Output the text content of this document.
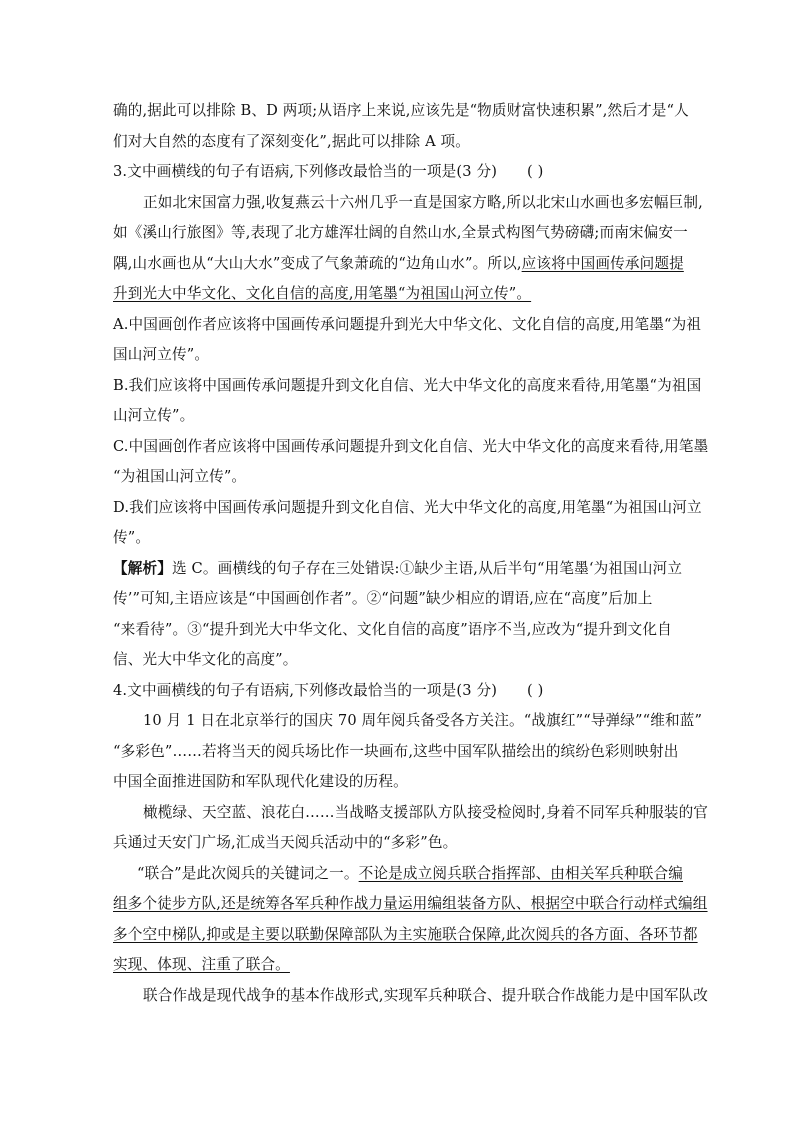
确的,据此可以排除 B、D 两项;从语序上来说,应该先是“物质财富快速积累”,然后才是“人
们对大自然的态度有了深刻变化”,据此可以排除 A 项。
3.文中画横线的句子有语病,下列修改最恰当的一项是(3 分) ( )
正如北宋国富力强,收复燕云十六州几乎一直是国家方略,所以北宋山水画也多宏幅巨制,
如《溪山行旅图》等,表现了北方雄浑壮阔的自然山水,全景式构图气势磅礴;而南宋偏安一
隅,山水画也从“大山大水”变成了气象萧疏的“边角山水”。所以,应该将中国画传承问题提
升到光大中华文化、文化自信的高度,用笔墨“为祖国山河立传”。
A.中国画创作者应该将中国画传承问题提升到光大中华文化、文化自信的高度,用笔墨“为祖
国山河立传”。
B.我们应该将中国画传承问题提升到文化自信、光大中华文化的高度来看待,用笔墨“为祖国
山河立传”。
C.中国画创作者应该将中国画传承问题提升到文化自信、光大中华文化的高度来看待,用笔墨
“为祖国山河立传”。
D.我们应该将中国画传承问题提升到文化自信、光大中华文化的高度,用笔墨“为祖国山河立
传”。
【解析】选 C。画横线的句子存在三处错误:①缺少主语,从后半句“用笔墨‘为祖国山河立
传’”可知,主语应该是“中国画创作者”。②“问题”缺少相应的谓语,应在“高度”后加上
“来看待”。③“提升到光大中华文化、文化自信的高度”语序不当,应改为“提升到文化自
信、光大中华文化的高度”。
4.文中画横线的句子有语病,下列修改最恰当的一项是(3 分) ( )
10 月 1 日在北京举行的国庆 70 周年阅兵备受各方关注。“战旗红”“导弹绿”“维和蓝”
“多彩色”……若将当天的阅兵场比作一块画布,这些中国军队描绘出的缤纷色彩则映射出
中国全面推进国防和军队现代化建设的历程。
橄榄绿、天空蓝、浪花白……当战略支援部队方队接受检阅时,身着不同军兵种服装的官
兵通过天安门广场,汇成当天阅兵活动中的“多彩”色。
“联合”是此次阅兵的关键词之一。不论是成立阅兵联合指挥部、由相关军兵种联合编
组多个徒步方队,还是统筹各军兵种作战力量运用编组装备方队、根据空中联合行动样式编组
多个空中梯队,抑或是主要以联勤保障部队为主实施联合保障,此次阅兵的各方面、各环节都
实现、体现、注重了联合。
联合作战是现代战争的基本作战形式,实现军兵种联合、提升联合作战能力是中国军队改
